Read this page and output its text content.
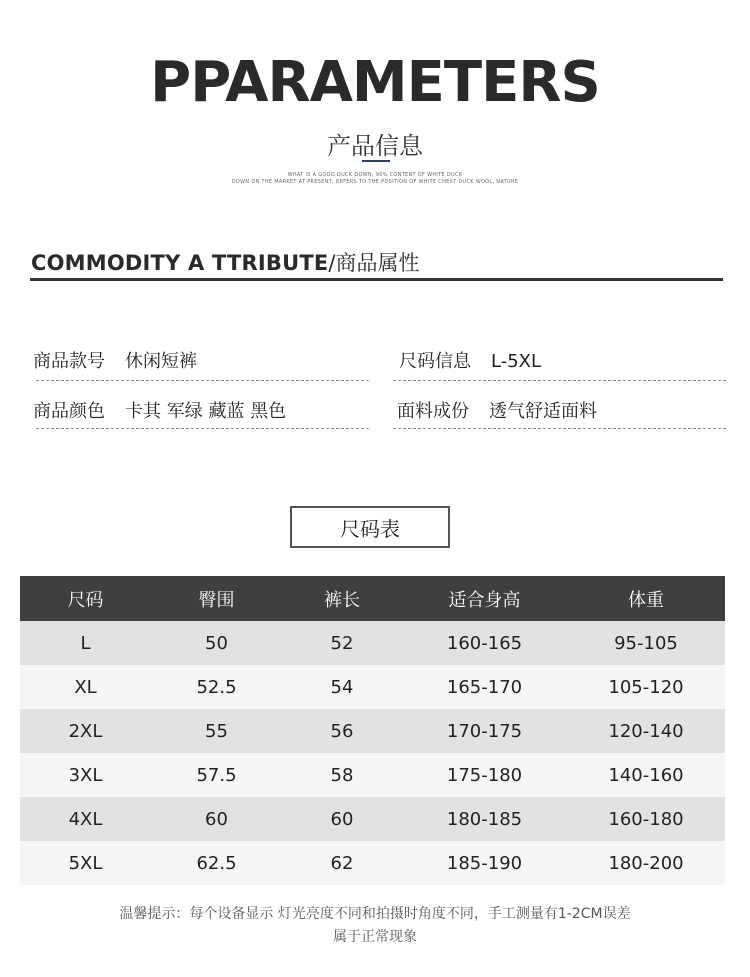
PPARAMETERS
产品信息
WHAT IS A GOOD DUCK DOWN, 90% CONTENT OF WHITE DUCK
DOWN ON THE MARKET AT PRESENT, REFERS TO THE POSITION OF WHITE CHEST DUCK WOOL, NATURE
COMMODITY A TTRIBUTE/商品属性
商品款号 休闲短裤	尺码信息 L-5XL
商品颜色 卡其 军绿 藏蓝 黑色	面料成份 透气舒适面料
尺码表
尺码	臀围	裤长	适合身高	体重
L	50	52	160-165	95-105
XL	52.5	54	165-170	105-120
2XL	55	56	170-175	120-140
3XL	57.5	58	175-180	140-160
4XL	60	60	180-185	160-180
5XL	62.5	62	185-190	180-200
温馨提示：每个设备显示 灯光亮度不同和拍摄时角度不同，手工测量有1-2CM误差
属于正常现象
